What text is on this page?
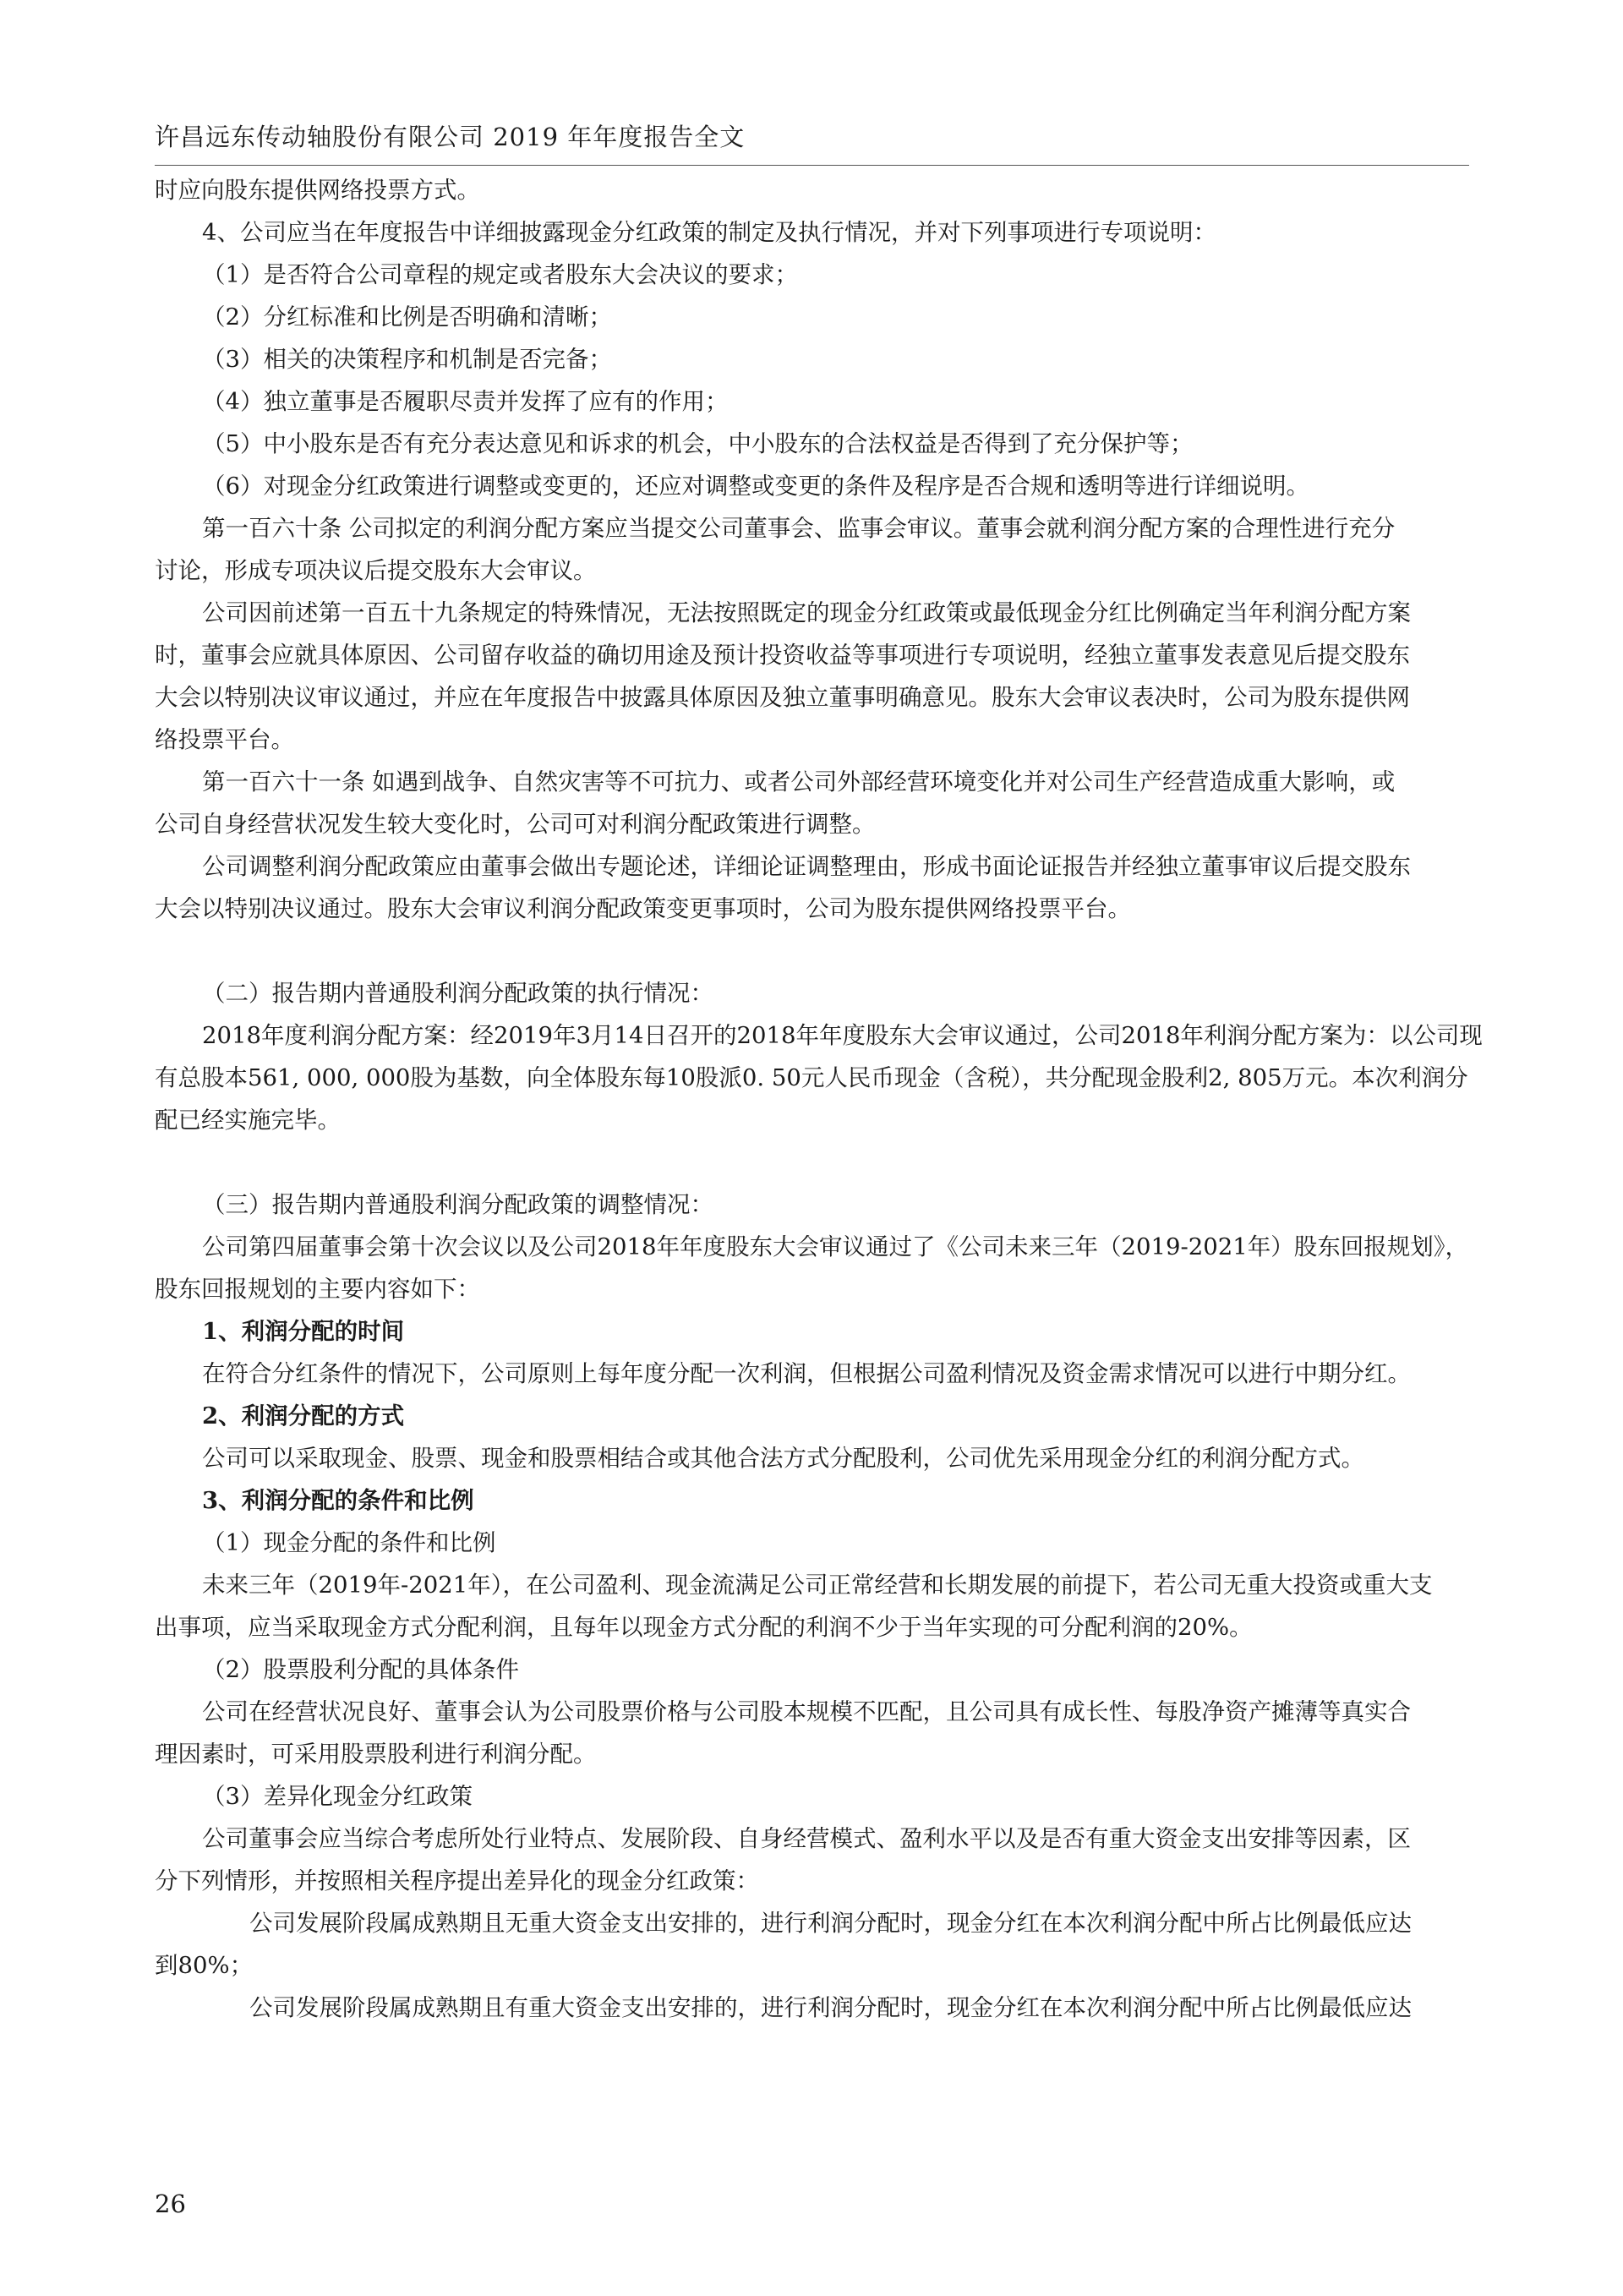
许昌远东传动轴股份有限公司 2019 年年度报告全文

时应向股东提供网络投票方式。

4、公司应当在年度报告中详细披露现金分红政策的制定及执行情况，并对下列事项进行专项说明：

（1）是否符合公司章程的规定或者股东大会决议的要求；

（2）分红标准和比例是否明确和清晰；

（3）相关的决策程序和机制是否完备；

（4）独立董事是否履职尽责并发挥了应有的作用；

（5）中小股东是否有充分表达意见和诉求的机会，中小股东的合法权益是否得到了充分保护等；

（6）对现金分红政策进行调整或变更的，还应对调整或变更的条件及程序是否合规和透明等进行详细说明。

第一百六十条 公司拟定的利润分配方案应当提交公司董事会、监事会审议。董事会就利润分配方案的合理性进行充分

讨论，形成专项决议后提交股东大会审议。

公司因前述第一百五十九条规定的特殊情况，无法按照既定的现金分红政策或最低现金分红比例确定当年利润分配方案

时，董事会应就具体原因、公司留存收益的确切用途及预计投资收益等事项进行专项说明，经独立董事发表意见后提交股东

大会以特别决议审议通过，并应在年度报告中披露具体原因及独立董事明确意见。股东大会审议表决时，公司为股东提供网

络投票平台。

第一百六十一条 如遇到战争、自然灾害等不可抗力、或者公司外部经营环境变化并对公司生产经营造成重大影响，或

公司自身经营状况发生较大变化时，公司可对利润分配政策进行调整。

公司调整利润分配政策应由董事会做出专题论述，详细论证调整理由，形成书面论证报告并经独立董事审议后提交股东

大会以特别决议通过。股东大会审议利润分配政策变更事项时，公司为股东提供网络投票平台。

（二）报告期内普通股利润分配政策的执行情况：

2018年度利润分配方案：经2019年3月14日召开的2018年年度股东大会审议通过，公司2018年利润分配方案为：以公司现

有总股本561, 000, 000股为基数，向全体股东每10股派0. 50元人民币现金（含税），共分配现金股利2, 805万元。本次利润分

配已经实施完毕。

（三）报告期内普通股利润分配政策的调整情况：

公司第四届董事会第十次会议以及公司2018年年度股东大会审议通过了《公司未来三年（2019-2021年）股东回报规划》，

股东回报规划的主要内容如下：

1、利润分配的时间

在符合分红条件的情况下，公司原则上每年度分配一次利润，但根据公司盈利情况及资金需求情况可以进行中期分红。

2、利润分配的方式

公司可以采取现金、股票、现金和股票相结合或其他合法方式分配股利，公司优先采用现金分红的利润分配方式。

3、利润分配的条件和比例

（1）现金分配的条件和比例

未来三年（2019年-2021年），在公司盈利、现金流满足公司正常经营和长期发展的前提下，若公司无重大投资或重大支

出事项，应当采取现金方式分配利润，且每年以现金方式分配的利润不少于当年实现的可分配利润的20%。

（2）股票股利分配的具体条件

公司在经营状况良好、董事会认为公司股票价格与公司股本规模不匹配，且公司具有成长性、每股净资产摊薄等真实合

理因素时，可采用股票股利进行利润分配。

（3）差异化现金分红政策

公司董事会应当综合考虑所处行业特点、发展阶段、自身经营模式、盈利水平以及是否有重大资金支出安排等因素，区

分下列情形，并按照相关程序提出差异化的现金分红政策：

公司发展阶段属成熟期且无重大资金支出安排的，进行利润分配时，现金分红在本次利润分配中所占比例最低应达

到80%；

公司发展阶段属成熟期且有重大资金支出安排的，进行利润分配时，现金分红在本次利润分配中所占比例最低应达

26
